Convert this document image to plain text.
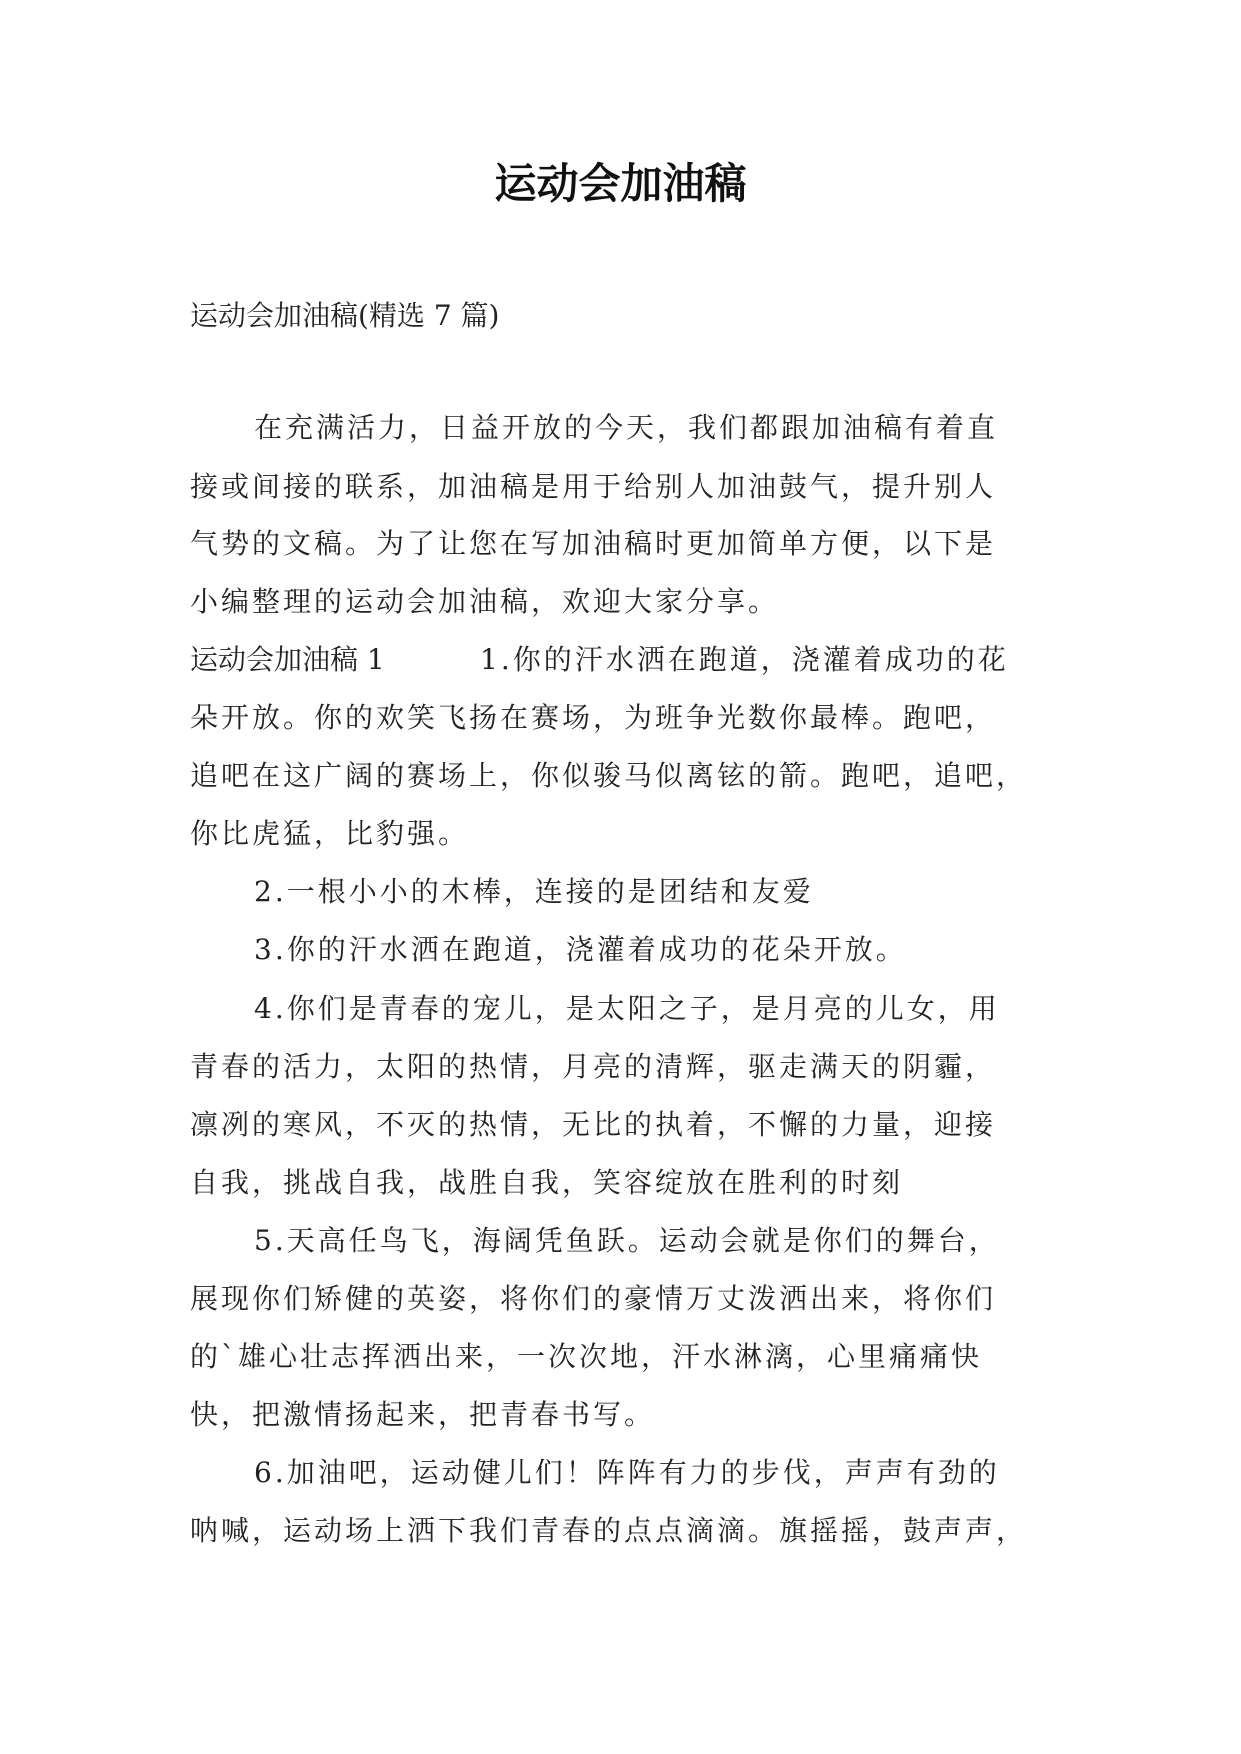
运动会加油稿

运动会加油稿(精选 7 篇)

在充满活力，日益开放的今天，我们都跟加油稿有着直

接或间接的联系，加油稿是用于给别人加油鼓气，提升别人

气势的文稿。为了让您在写加油稿时更加简单方便，以下是

小编整理的运动会加油稿，欢迎大家分享。

运动会加油稿 1	1.你的汗水洒在跑道，浇灌着成功的花

朵开放。你的欢笑飞扬在赛场，为班争光数你最棒。跑吧，

追吧在这广阔的赛场上，你似骏马似离铉的箭。跑吧，追吧，

你比虎猛，比豹强。

2.一根小小的木棒，连接的是团结和友爱

3.你的汗水洒在跑道，浇灌着成功的花朵开放。

4.你们是青春的宠儿，是太阳之子，是月亮的儿女，用

青春的活力，太阳的热情，月亮的清辉，驱走满天的阴霾，

凛冽的寒风，不灭的热情，无比的执着，不懈的力量，迎接

自我，挑战自我，战胜自我，笑容绽放在胜利的时刻

5.天高任鸟飞，海阔凭鱼跃。运动会就是你们的舞台，

展现你们矫健的英姿，将你们的豪情万丈泼洒出来，将你们

的`雄心壮志挥洒出来，一次次地，汗水淋漓，心里痛痛快

快，把激情扬起来，把青春书写。

6.加油吧，运动健儿们！阵阵有力的步伐，声声有劲的

呐喊，运动场上洒下我们青春的点点滴滴。旗摇摇，鼓声声，
